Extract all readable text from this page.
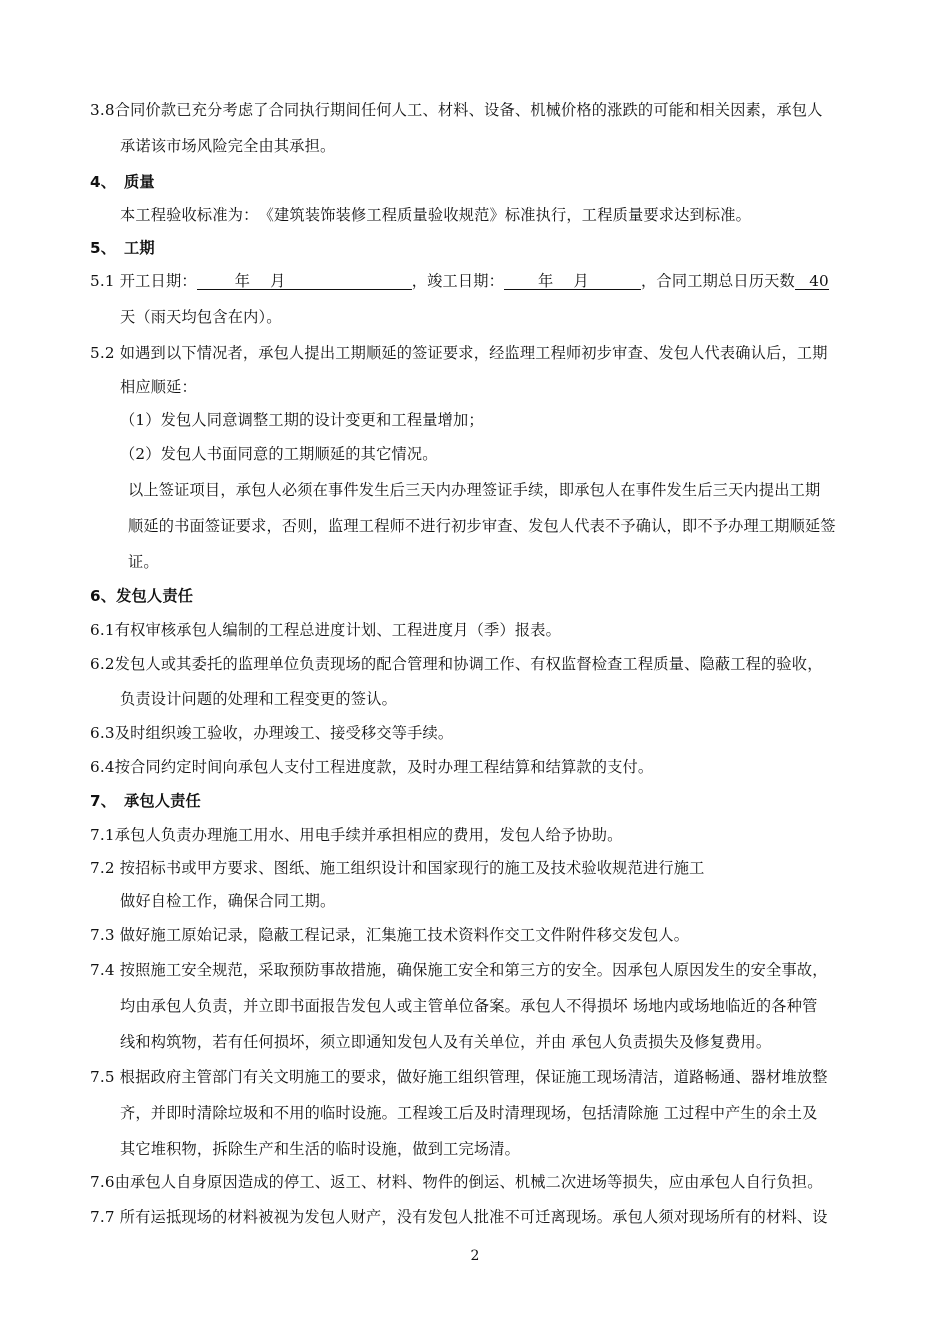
3.8合同价款已充分考虑了合同执行期间任何人工、材料、设备、机械价格的涨跌的可能和相关因素，承包人
承诺该市场风险完全由其承担。
4、　质量
本工程验收标准为：　《建筑装饰装修工程质量验收规范》标准执行，工程质量要求达到标准。
5、　工期
5.1 开工日期：	年 月	，竣工日期： 年 月	，合同工期总日历天数 40
天（雨天均包含在内）。
5.2 如遇到以下情况者，承包人提出工期顺延的签证要求，经监理工程师初步审查、发包人代表确认后，工期
相应顺延：
（1）发包人同意调整工期的设计变更和工程量增加；
（2）发包人书面同意的工期顺延的其它情况。
以上签证项目，承包人必须在事件发生后三天内办理签证手续，即承包人在事件发生后三天内提出工期
顺延的书面签证要求，否则，监理工程师不进行初步审查、发包人代表不予确认，即不予办理工期顺延签
证。
6、发包人责任
6.1有权审核承包人编制的工程总进度计划、工程进度月（季）报表。
6.2发包人或其委托的监理单位负责现场的配合管理和协调工作、有权监督检查工程质量、隐蔽工程的验收，
负责设计问题的处理和工程变更的签认。
6.3及时组织竣工验收，办理竣工、接受移交等手续。
6.4按合同约定时间向承包人支付工程进度款，及时办理工程结算和结算款的支付。
7、　承包人责任
7.1承包人负责办理施工用水、用电手续并承担相应的费用，发包人给予协助。
7.2 按招标书或甲方要求、图纸、施工组织设计和国家现行的施工及技术验收规范进行施工
做好自检工作，确保合同工期。
7.3 做好施工原始记录，隐蔽工程记录，汇集施工技术资料作交工文件附件移交发包人。
7.4 按照施工安全规范，采取预防事故措施，确保施工安全和第三方的安全。因承包人原因发生的安全事故，
均由承包人负责，并立即书面报告发包人或主管单位备案。承包人不得损坏 场地内或场地临近的各种管
线和构筑物，若有任何损坏，须立即通知发包人及有关单位，并由 承包人负责损失及修复费用。
7.5 根据政府主管部门有关文明施工的要求，做好施工组织管理，保证施工现场清洁，道路畅通、器材堆放整
齐，并即时清除垃圾和不用的临时设施。工程竣工后及时清理现场，包括清除施 工过程中产生的余土及
其它堆积物，拆除生产和生活的临时设施，做到工完场清。
7.6由承包人自身原因造成的停工、返工、材料、物件的倒运、机械二次进场等损失，应由承包人自行负担。
7.7 所有运抵现场的材料被视为发包人财产，没有发包人批准不可迁离现场。承包人须对现场所有的材料、设
2
